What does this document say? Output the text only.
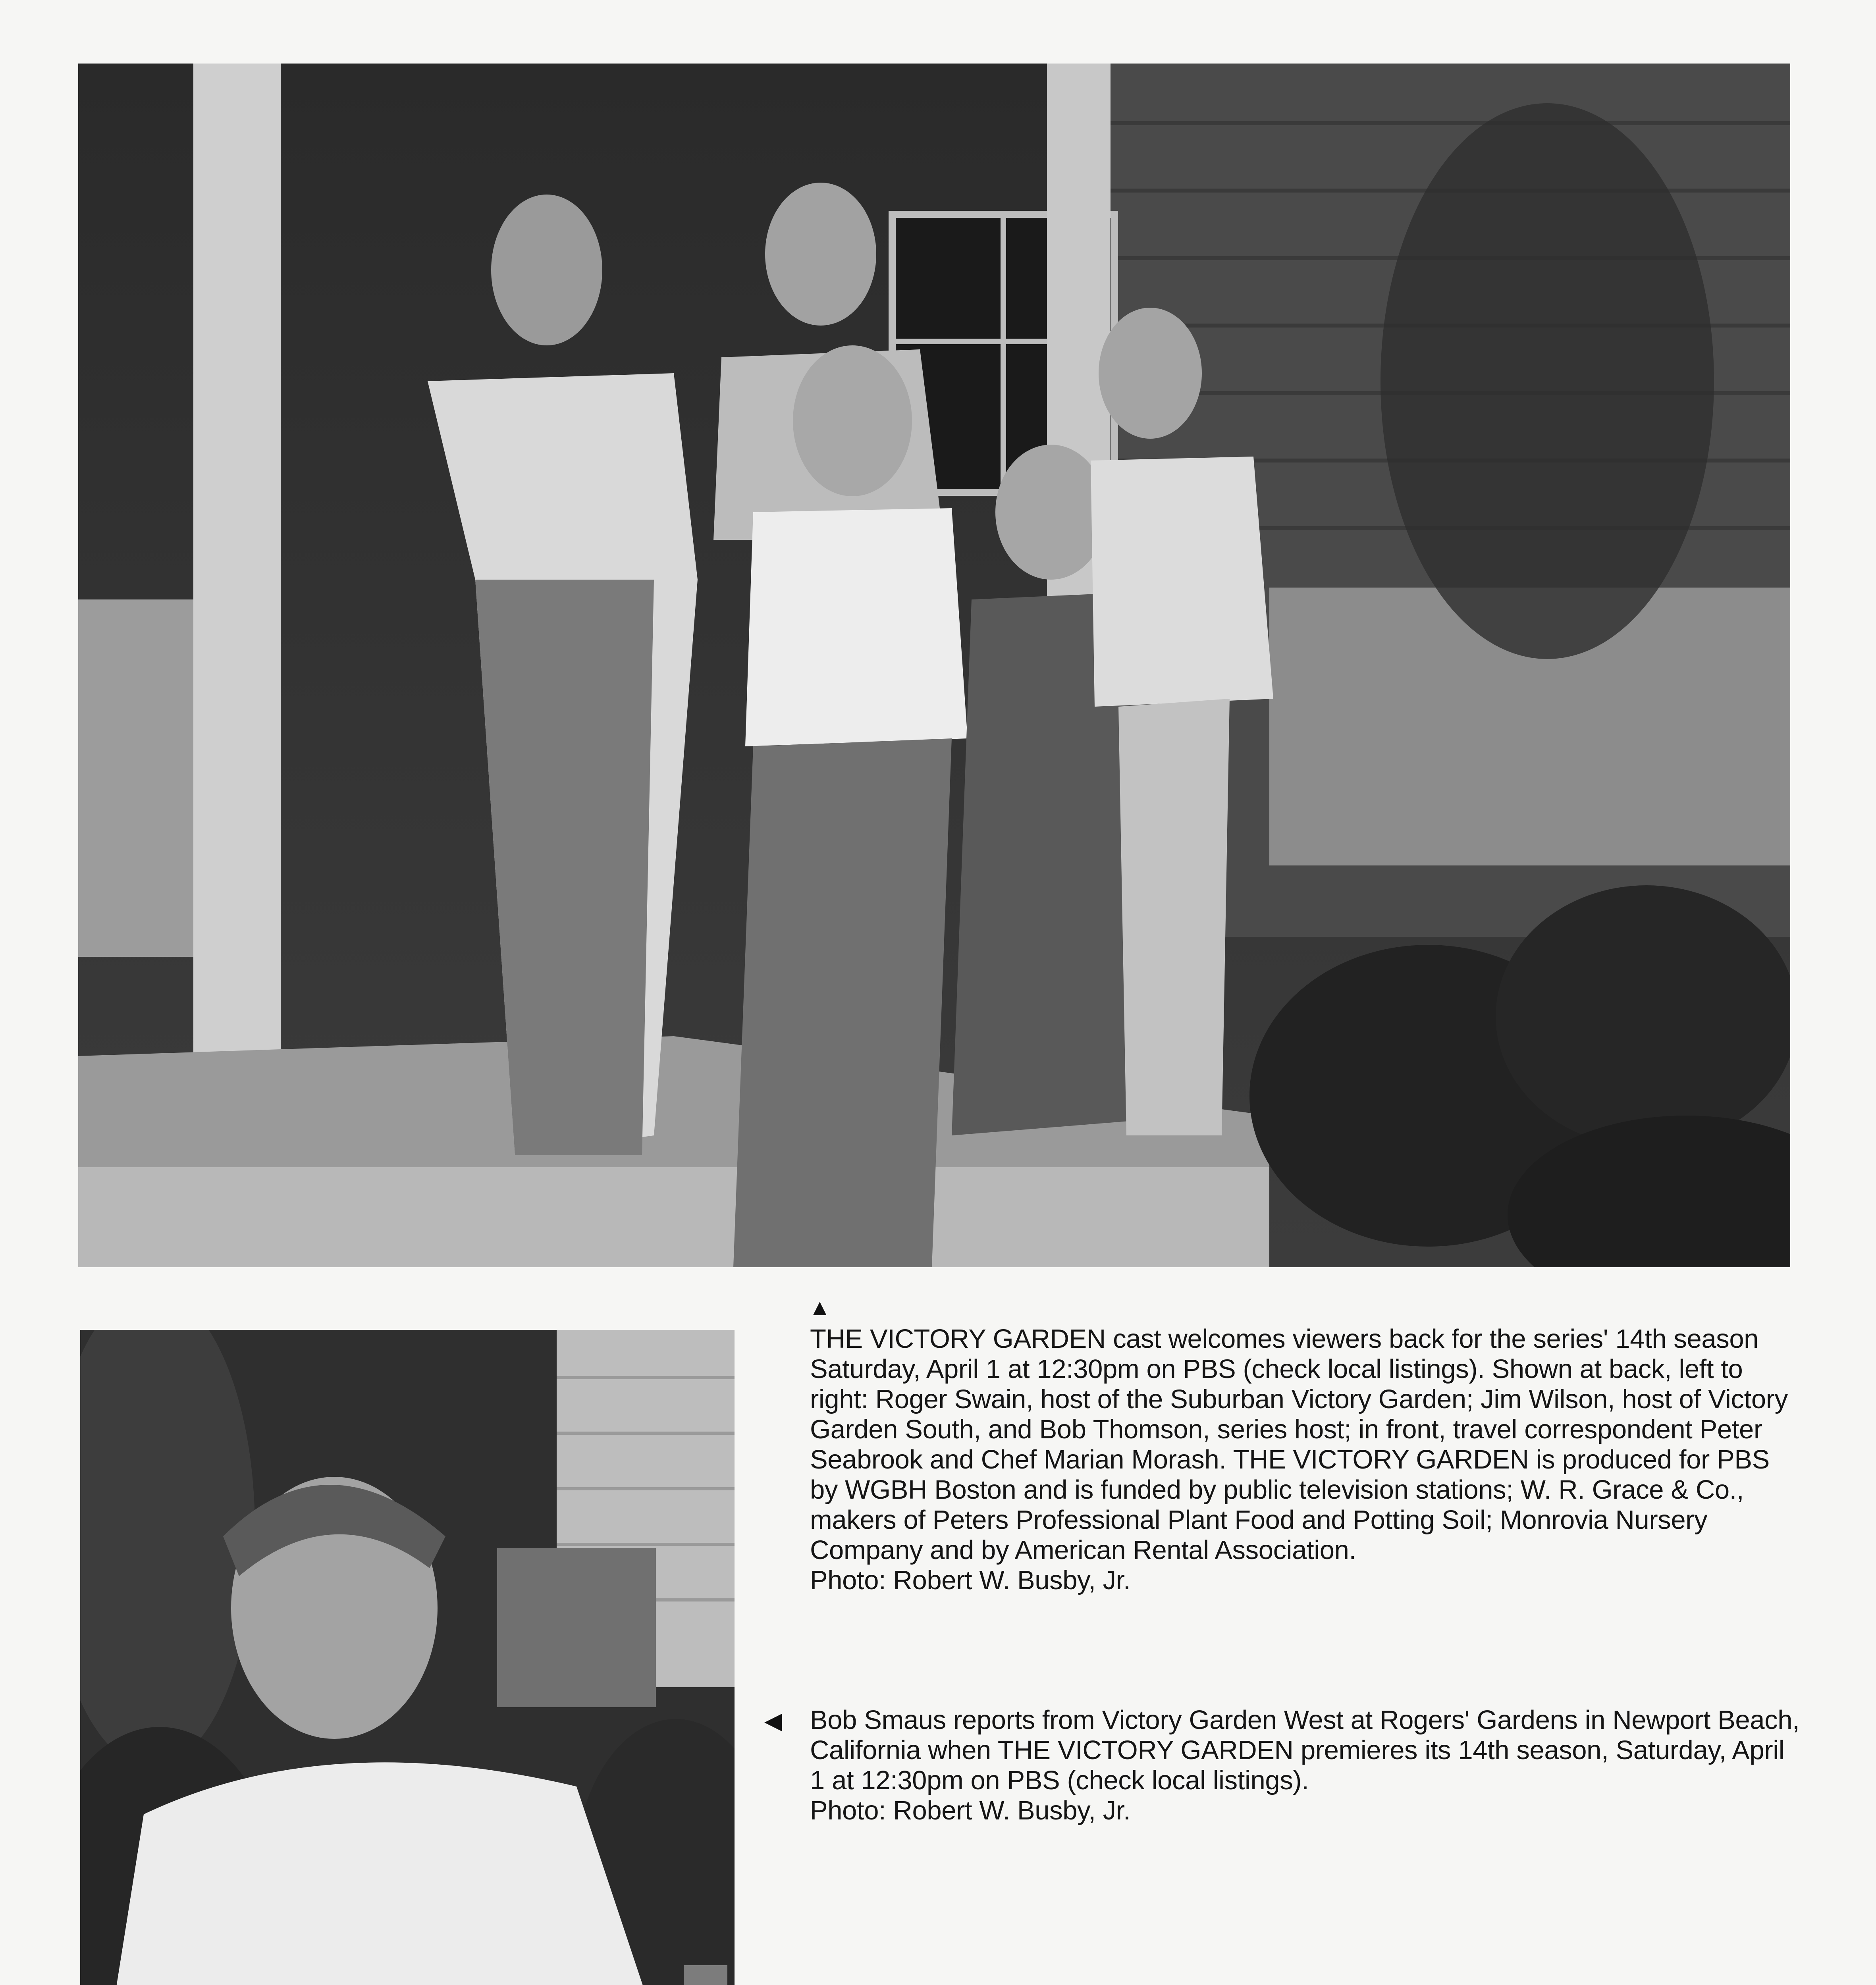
▲

THE VICTORY GARDEN cast welcomes viewers back for the series' 14th season Saturday, April 1 at 12:30pm on PBS (check local listings). Shown at back, left to right: Roger Swain, host of the Suburban Victory Garden; Jim Wilson, host of Victory Garden South, and Bob Thomson, series host; in front, travel correspondent Peter Seabrook and Chef Marian Morash. THE VICTORY GARDEN is produced for PBS by WGBH Boston and is funded by public television stations; W. R. Grace & Co., makers of Peters Professional Plant Food and Potting Soil; Monrovia Nursery Company and by American Rental Association.

Photo: Robert W. Busby, Jr.

◀ Bob Smaus reports from Victory Garden West at Rogers' Gardens in Newport Beach, California when THE VICTORY GARDEN premieres its 14th season, Saturday, April 1 at 12:30pm on PBS (check local listings).

Photo: Robert W. Busby, Jr.
